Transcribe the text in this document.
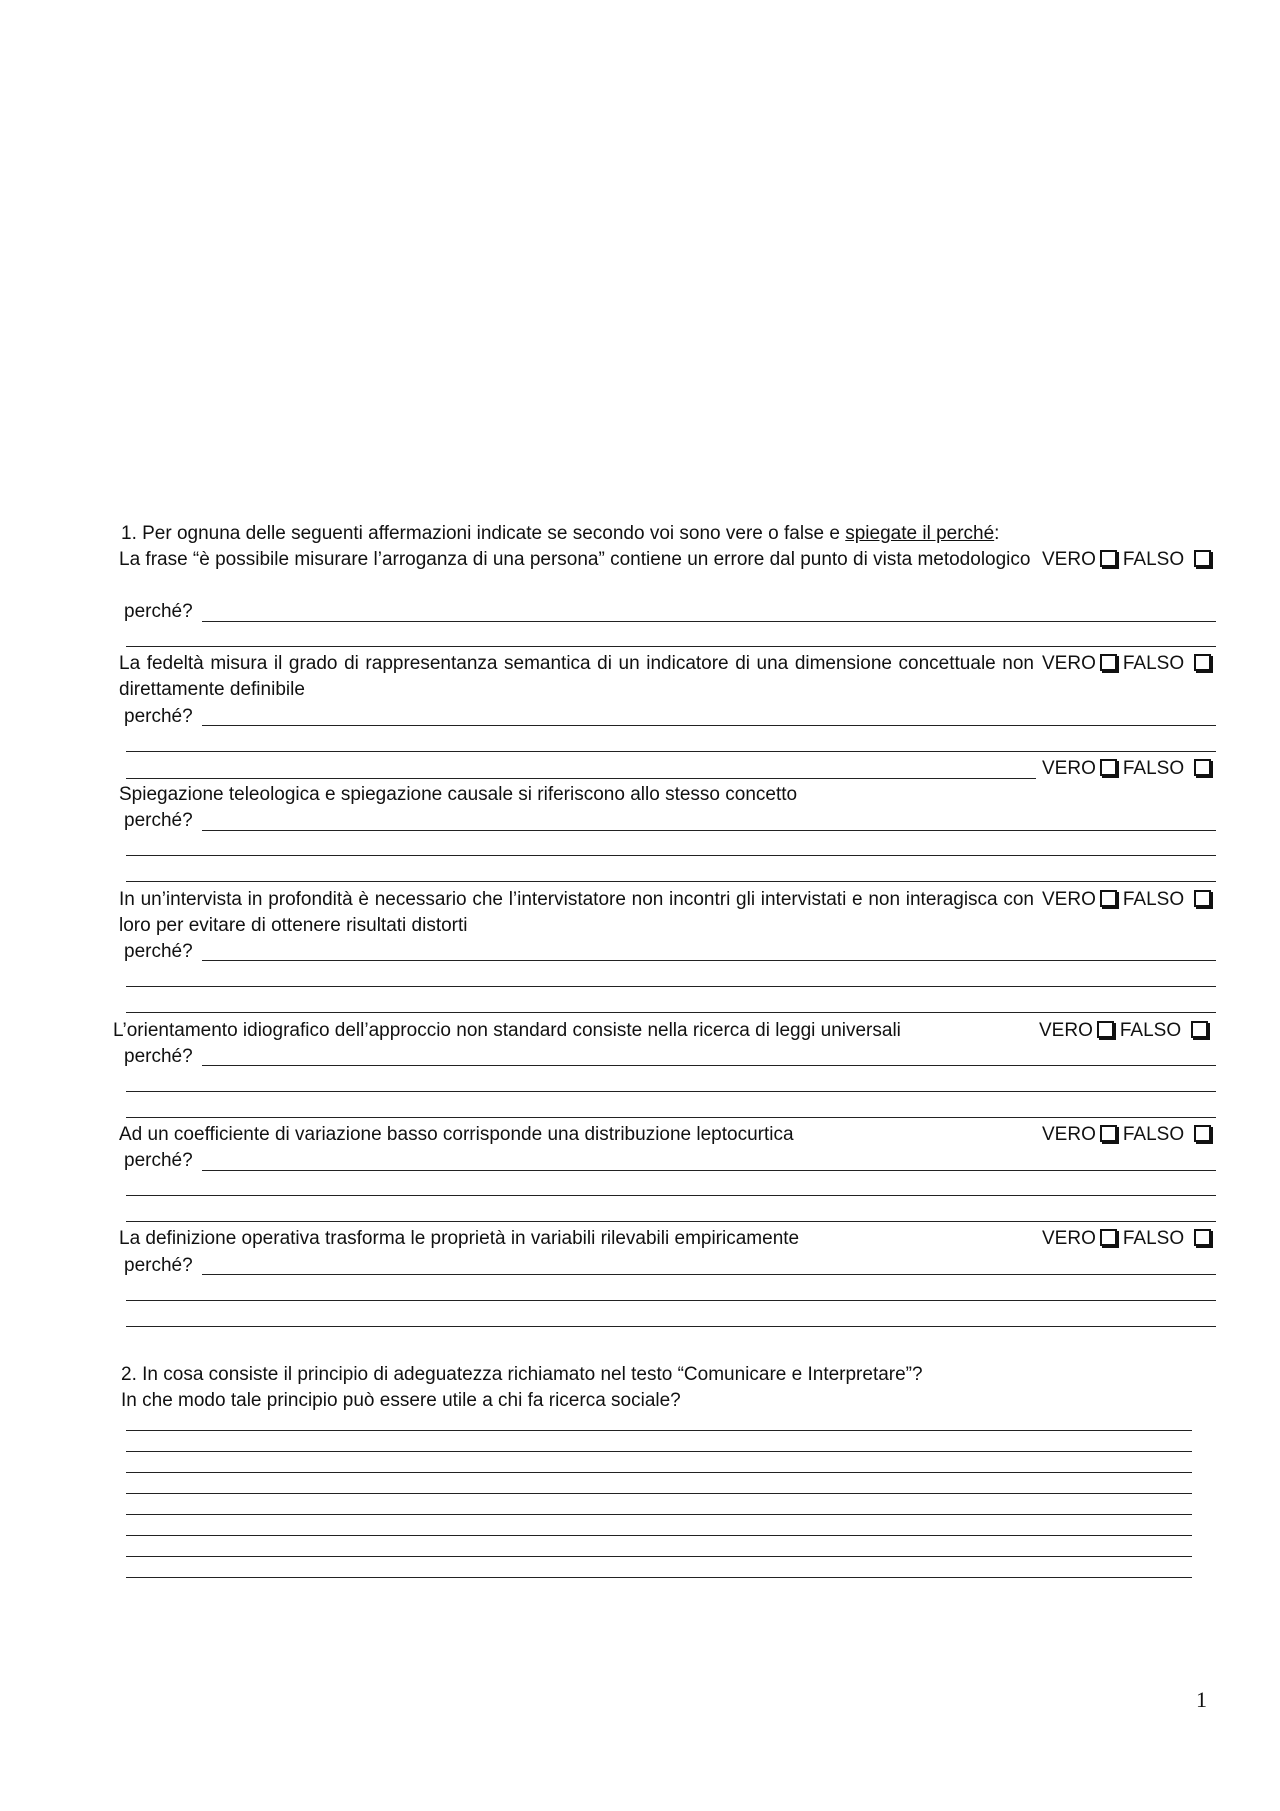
1. Per ognuna delle seguenti affermazioni indicate se secondo voi sono vere o false e spiegate il perché:
La frase “è possibile misurare l’arroganza di una persona” contiene un errore dal punto di vista metodologico VERO FALSO
perché?
La fedeltà misura il grado di rappresentanza semantica di un indicatore di una dimensione concettuale non direttamente definibile
VERO FALSO
perché?
VERO FALSO
Spiegazione teleologica e spiegazione causale si riferiscono allo stesso concetto
perché?
In un’intervista in profondità è necessario che l’intervistatore non incontri gli intervistati e non interagisca con loro per evitare di ottenere risultati distorti
VERO FALSO
perché?
L’orientamento idiografico dell’approccio non standard consiste nella ricerca di leggi universali	VERO FALSO
perché?
Ad un coefficiente di variazione basso corrisponde una distribuzione leptocurtica	VERO FALSO
perché?
La definizione operativa trasforma le proprietà in variabili rilevabili empiricamente	VERO FALSO
perché?
2. In cosa consiste il principio di adeguatezza richiamato nel testo “Comunicare e Interpretare”?
In che modo tale principio può essere utile a chi fa ricerca sociale?
1
